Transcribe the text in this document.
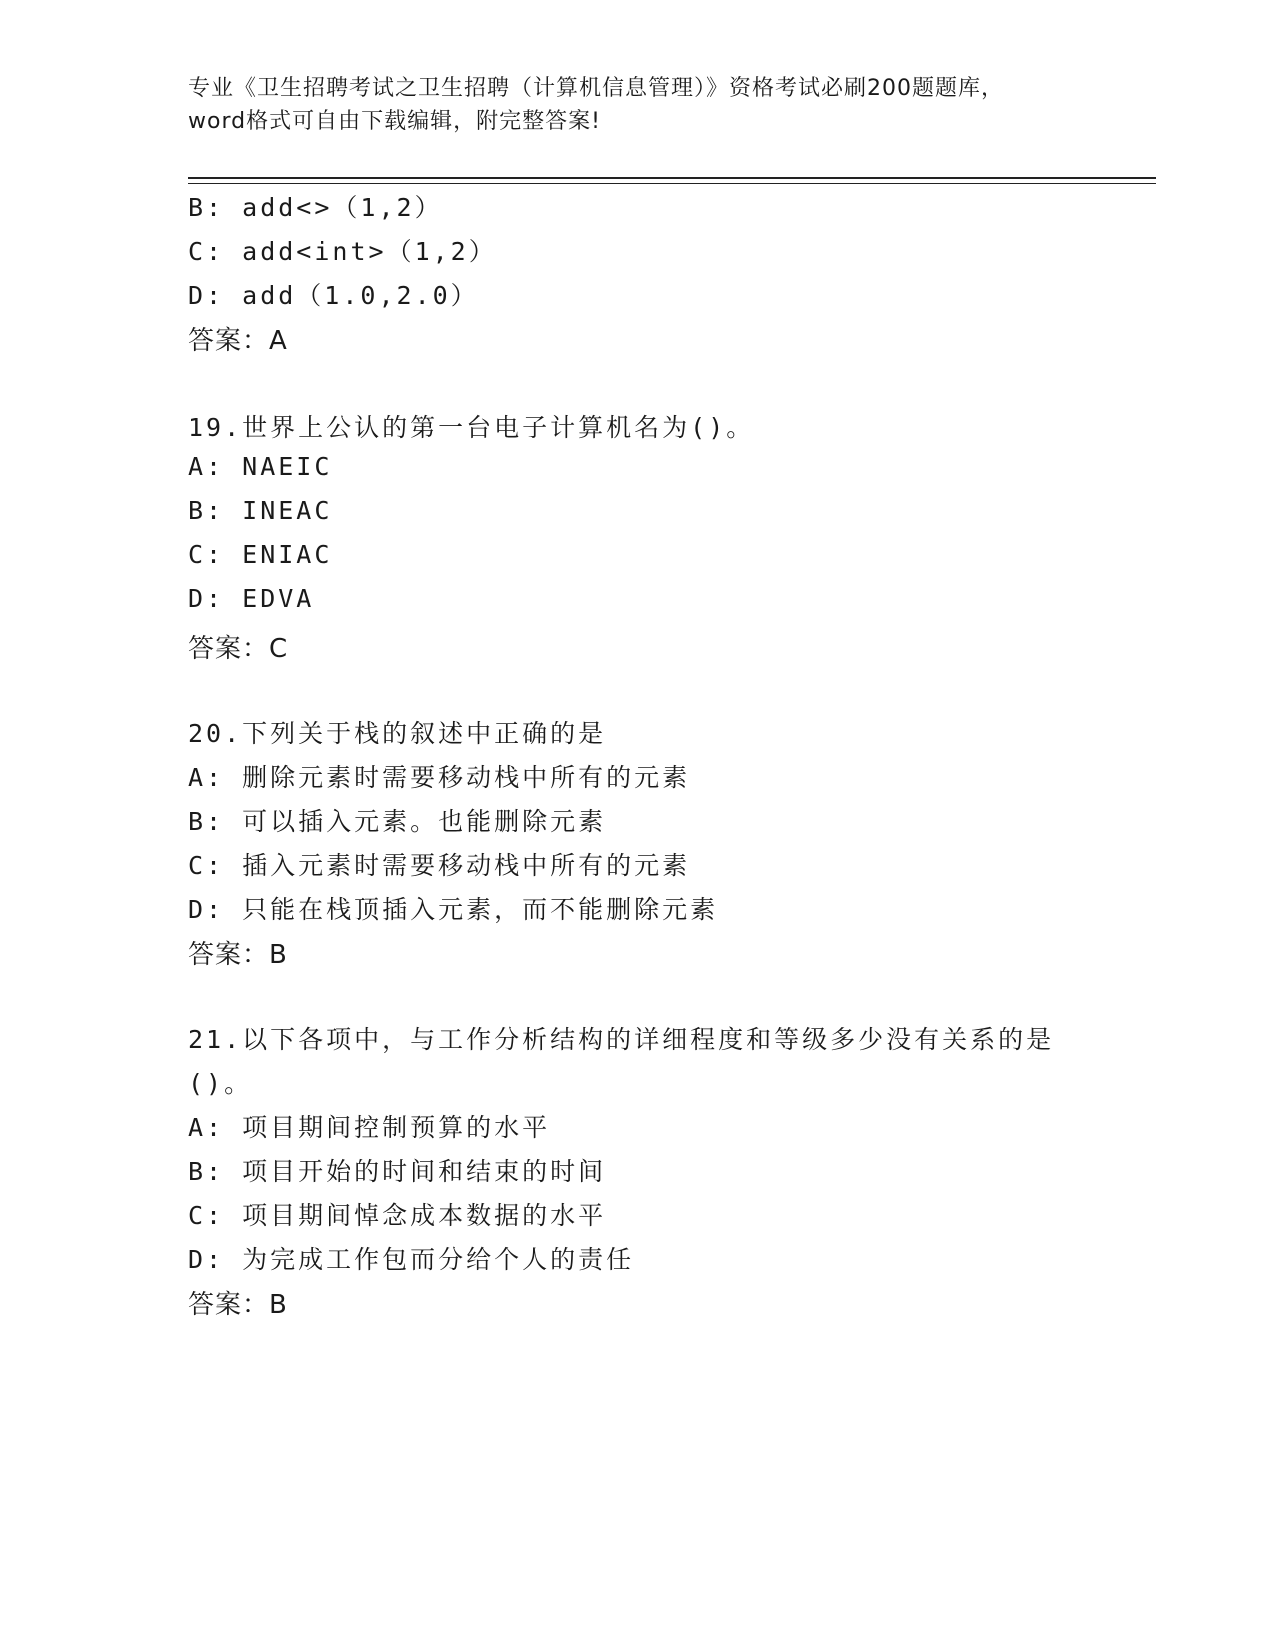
专业《卫生招聘考试之卫生招聘（计算机信息管理）》资格考试必刷200题题库，
word格式可自由下载编辑，附完整答案!
B: add<>（1,2）
C: add<int>（1,2）
D: add（1.0,2.0）
答案：A
19.世界上公认的第一台电子计算机名为()。
A: NAEIC
B: INEAC
C: ENIAC
D: EDVA
答案：C
20.下列关于栈的叙述中正确的是
A: 删除元素时需要移动栈中所有的元素
B: 可以插入元素。也能删除元素
C: 插入元素时需要移动栈中所有的元素
D: 只能在栈顶插入元素，而不能删除元素
答案：B
21.以下各项中，与工作分析结构的详细程度和等级多少没有关系的是
()。
A: 项目期间控制预算的水平
B: 项目开始的时间和结束的时间
C: 项目期间悼念成本数据的水平
D: 为完成工作包而分给个人的责任
答案：B
